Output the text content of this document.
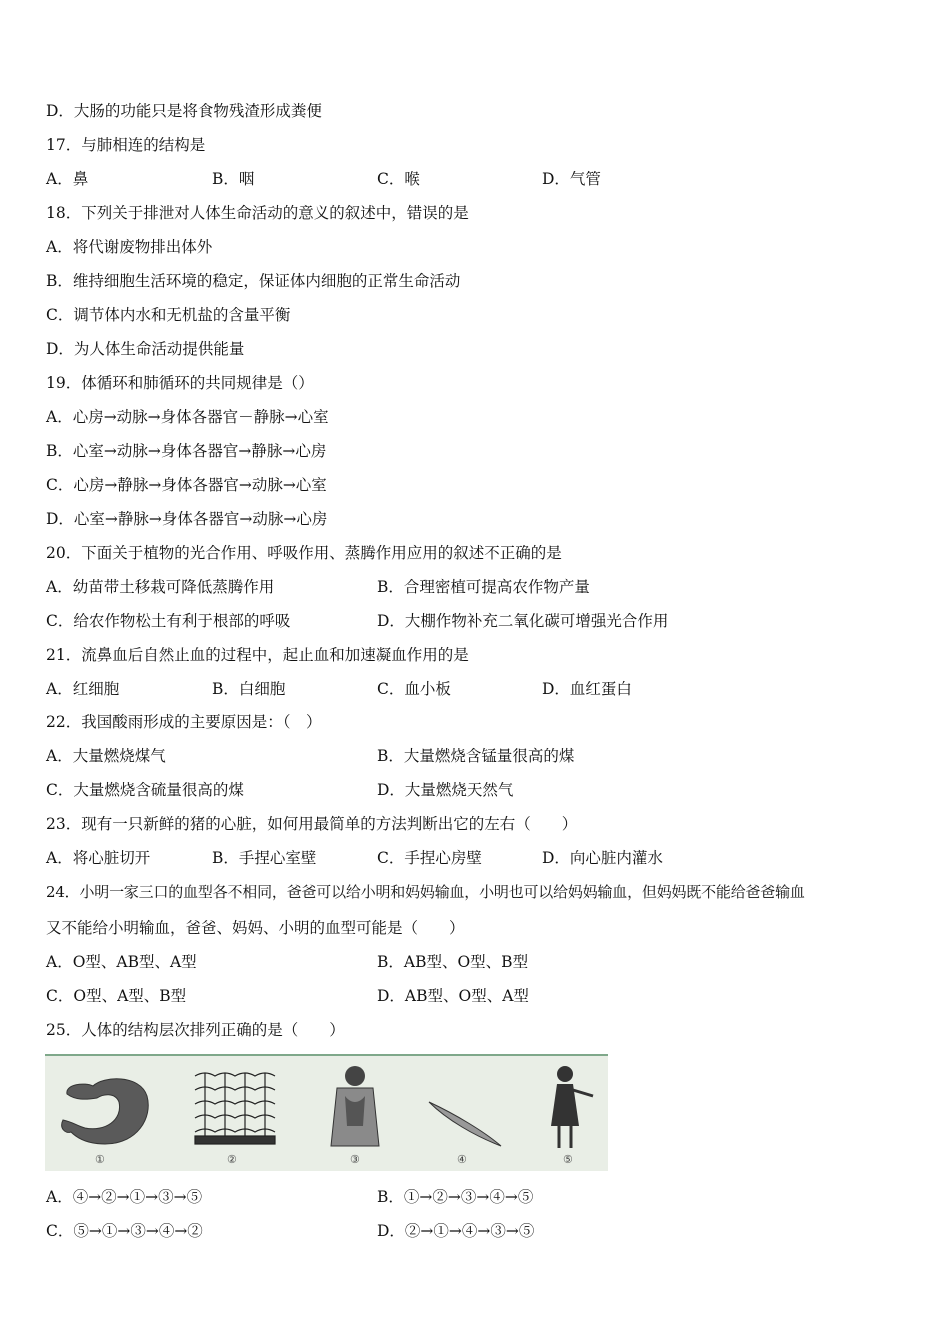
D．大肠的功能只是将食物残渣形成粪便
17．与肺相连的结构是
A．鼻	B．咽	C．喉	D．气管
18．下列关于排泄对人体生命活动的意义的叙述中，错误的是
A．将代谢废物排出体外
B．维持细胞生活环境的稳定，保证体内细胞的正常生命活动
C．调节体内水和无机盐的含量平衡
D．为人体生命活动提供能量
19．体循环和肺循环的共同规律是（）
A．心房→动脉→身体各器官－静脉→心室
B．心室→动脉→身体各器官→静脉→心房
C．心房→静脉→身体各器官→动脉→心室
D．心室→静脉→身体各器官→动脉→心房
20．下面关于植物的光合作用、呼吸作用、蒸腾作用应用的叙述不正确的是
A．幼苗带土移栽可降低蒸腾作用	B．合理密植可提高农作物产量
C．给农作物松土有利于根部的呼吸	D．大棚作物补充二氧化碳可增强光合作用
21．流鼻血后自然止血的过程中，起止血和加速凝血作用的是
A．红细胞	B．白细胞	C．血小板	D．血红蛋白
22．我国酸雨形成的主要原因是：（　）
A．大量燃烧煤气	B．大量燃烧含锰量很高的煤
C．大量燃烧含硫量很高的煤	D．大量燃烧天然气
23．现有一只新鲜的猪的心脏，如何用最简单的方法判断出它的左右（　　）
A．将心脏切开	B．手捏心室壁	C．手捏心房壁	D．向心脏内灌水
24．小明一家三口的血型各不相同，爸爸可以给小明和妈妈输血，小明也可以给妈妈输血，但妈妈既不能给爸爸输血
又不能给小明输血，爸爸、妈妈、小明的血型可能是（　　）
A．O型、AB型、A型	B．AB型、O型、B型
C．O型、A型、B型	D．AB型、O型、A型
25．人体的结构层次排列正确的是（　　）
①	②	③	④	⑤
A．④→②→①→③→⑤	B．①→②→③→④→⑤
C．⑤→①→③→④→②	D．②→①→④→③→⑤
